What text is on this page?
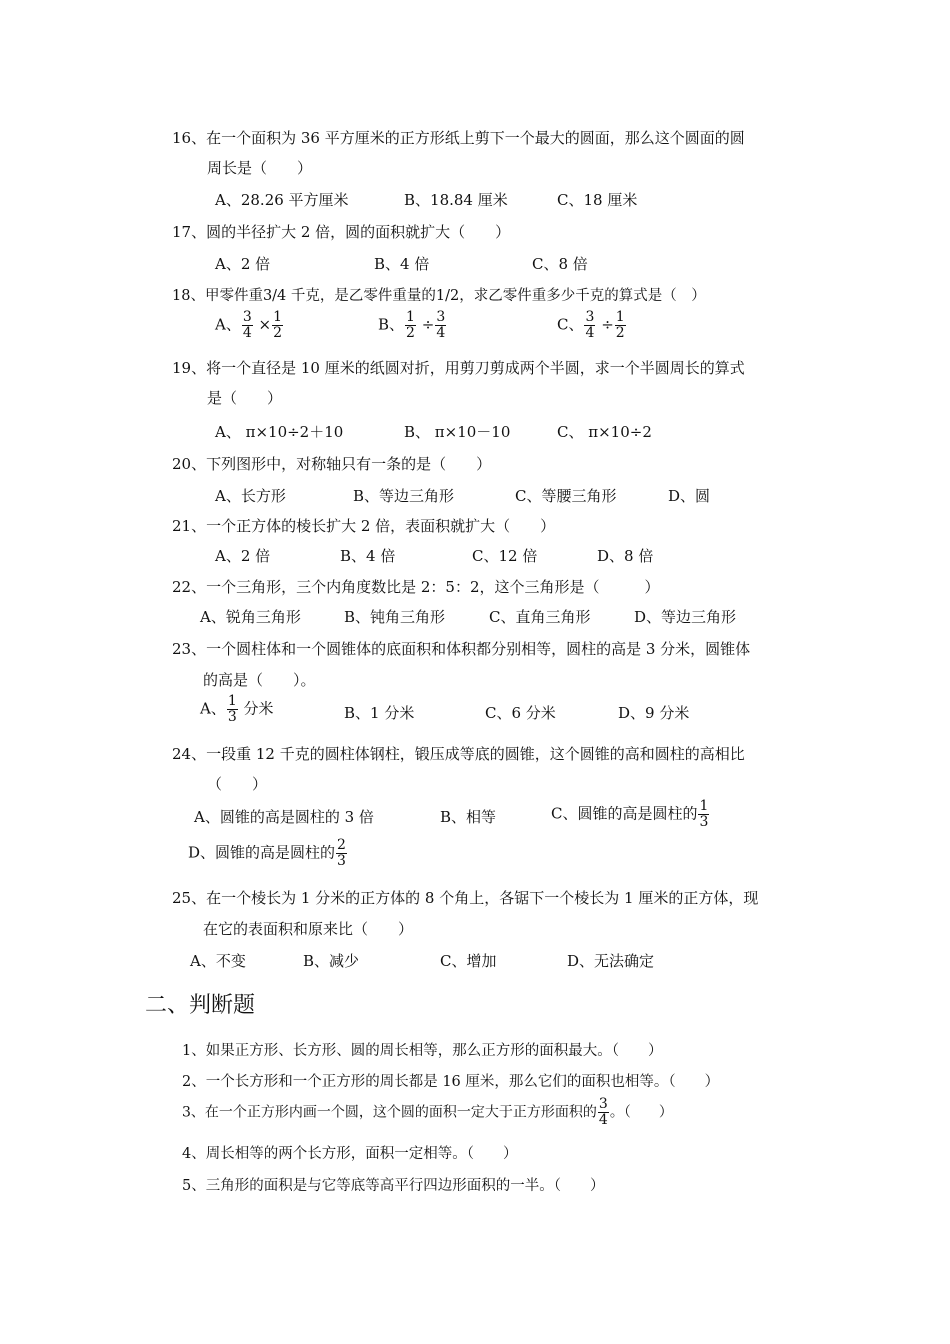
16、在一个面积为 36 平方厘米的正方形纸上剪下一个最大的圆面，那么这个圆面的圆
周长是（　　）
A、28.26 平方厘米	B、18.84 厘米	C、18 厘米
17、圆的半径扩大 2 倍，圆的面积就扩大（　　）
A、2 倍	B、4 倍	C、8 倍
18、甲零件重3/4 千克，是乙零件重量的1/2，求乙零件重多少千克的算式是（　）
A、 $\frac{3}{4} \times \frac{1}{2}$	B、 $\frac{1}{2} \div \frac{3}{4}$	C、 $\frac{3}{4} \div \frac{1}{2}$
19、将一个直径是 10 厘米的纸圆对折，用剪刀剪成两个半圆，求一个半圆周长的算式
是（　　）
A、 π×10÷2＋10	B、 π×10－10	C、 π×10÷2
20、下列图形中，对称轴只有一条的是（　　）
A、长方形	B、等边三角形	C、等腰三角形	D、圆
21、一个正方体的棱长扩大 2 倍，表面积就扩大（　　）
A、2 倍	B、4 倍	C、12 倍	D、8 倍
22、一个三角形，三个内角度数比是 2：5：2，这个三角形是（　　　）
A、锐角三角形	B、钝角三角形	C、直角三角形	D、等边三角形
23、一个圆柱体和一个圆锥体的底面积和体积都分别相等，圆柱的高是 3 分米，圆锥体
的高是（　　）。
A、 $\frac{1}{3}$ 分米	B、1 分米	C、6 分米	D、9 分米
24、一段重 12 千克的圆柱体钢柱，锻压成等底的圆锥，这个圆锥的高和圆柱的高相比
（　　）
A、圆锥的高是圆柱的 3 倍	B、相等	C、圆锥的高是圆柱的 $\frac{1}{3}$
D、圆锥的高是圆柱的 $\frac{2}{3}$
25、在一个棱长为 1 分米的正方体的 8 个角上，各锯下一个棱长为 1 厘米的正方体，现
在它的表面积和原来比（　　）
A、不变	B、减少	C、增加	D、无法确定
二、判断题
1、如果正方形、长方形、圆的周长相等，那么正方形的面积最大。（　　）
2、一个长方形和一个正方形的周长都是 16 厘米，那么它们的面积也相等。（　　）
3、在一个正方形内画一个圆，这个圆的面积一定大于正方形面积的 $\frac{3}{4}$ 。（　　）
4、周长相等的两个长方形，面积一定相等。（　　）
5、三角形的面积是与它等底等高平行四边形面积的一半。（　　）
